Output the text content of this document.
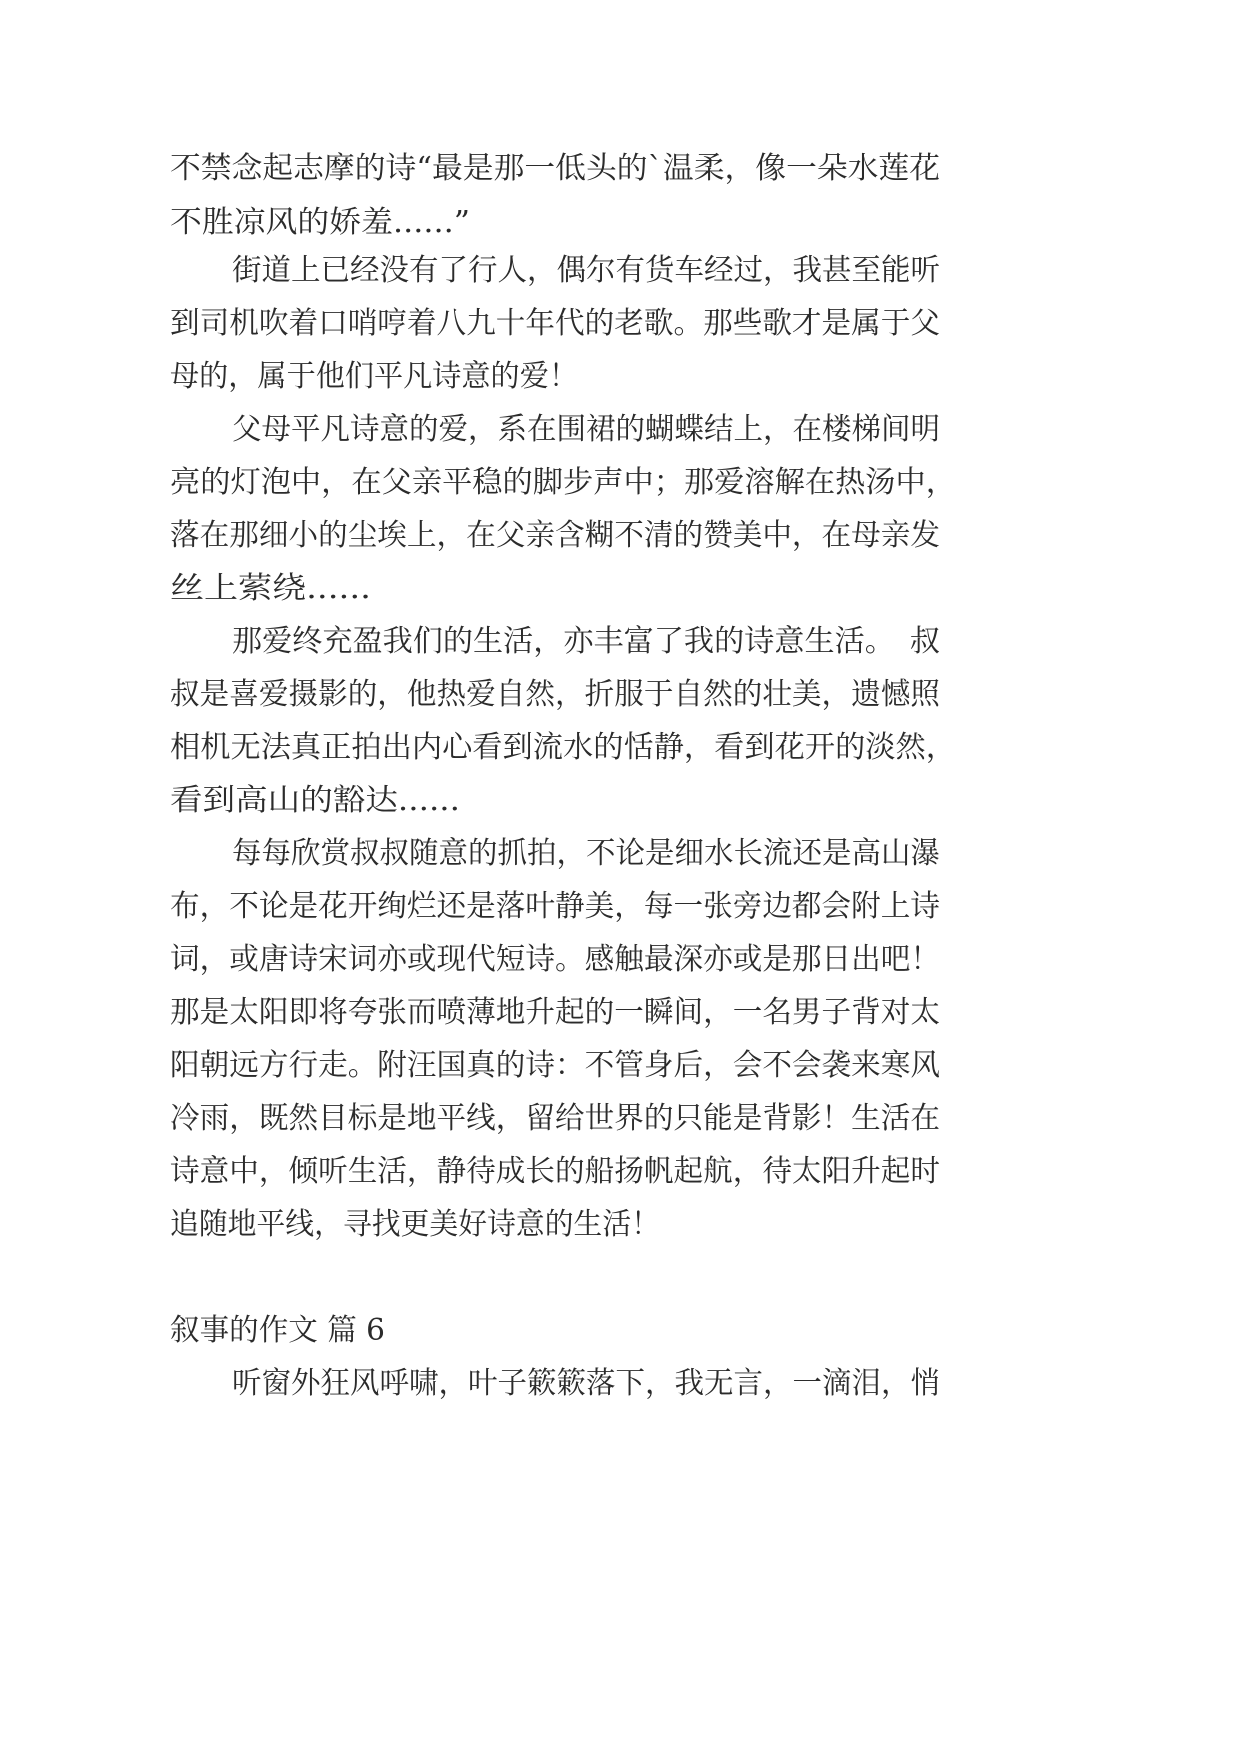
不禁念起志摩的诗“最是那一低头的`温柔，像一朵水莲花
不胜凉风的娇羞......”
街道上已经没有了行人，偶尔有货车经过，我甚至能听
到司机吹着口哨哼着八九十年代的老歌。那些歌才是属于父
母的，属于他们平凡诗意的爱！
父母平凡诗意的爱，系在围裙的蝴蝶结上，在楼梯间明
亮的灯泡中，在父亲平稳的脚步声中；那爱溶解在热汤中，
落在那细小的尘埃上，在父亲含糊不清的赞美中，在母亲发
丝上萦绕......
那爱终充盈我们的生活，亦丰富了我的诗意生活。　叔
叔是喜爱摄影的，他热爱自然，折服于自然的壮美，遗憾照
相机无法真正拍出内心看到流水的恬静，看到花开的淡然，
看到高山的豁达......
每每欣赏叔叔随意的抓拍，不论是细水长流还是高山瀑
布，不论是花开绚烂还是落叶静美，每一张旁边都会附上诗
词，或唐诗宋词亦或现代短诗。感触最深亦或是那日出吧！
那是太阳即将夸张而喷薄地升起的一瞬间，一名男子背对太
阳朝远方行走。附汪国真的诗：不管身后，会不会袭来寒风
冷雨，既然目标是地平线，留给世界的只能是背影！生活在
诗意中，倾听生活，静待成长的船扬帆起航，待太阳升起时
追随地平线，寻找更美好诗意的生活！
叙事的作文 篇 6
听窗外狂风呼啸，叶子簌簌落下，我无言，一滴泪，悄
